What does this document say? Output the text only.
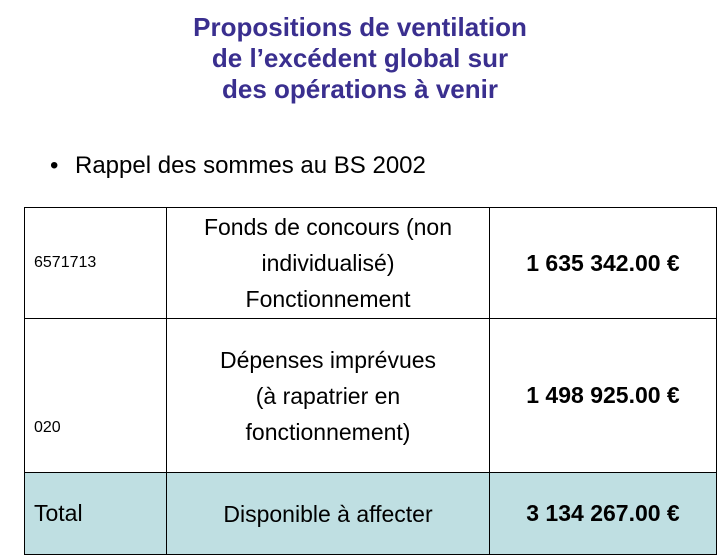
Propositions de ventilation
de l’excédent global sur
des opérations à venir
• Rappel des sommes au BS 2002
6571713	Fonds de concours (non
individualisé)
Fonctionnement	1 635 342.00 €
020	Dépenses imprévues
(à rapatrier en
fonctionnement)	1 498 925.00 €
Total	Disponible à affecter	3 134 267.00 €
